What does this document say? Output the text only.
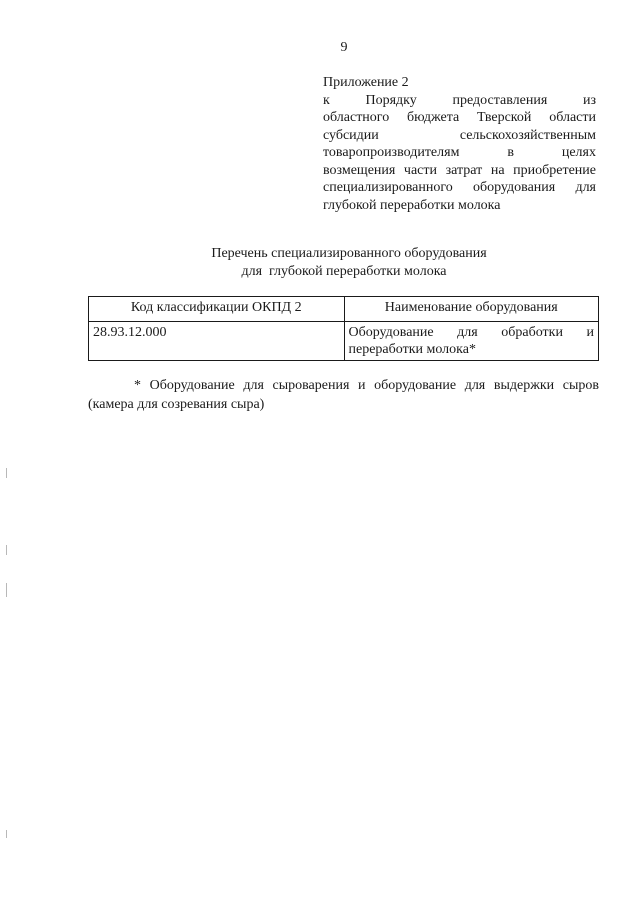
9
Приложение 2
к Порядку предоставления из
областного бюджета Тверской области
субсидии сельскохозяйственным
товаропроизводителям в целях
возмещения части затрат на приобретение
специализированного оборудования для
глубокой переработки молока
Перечень специализированного оборудования
для  глубокой переработки молока
Код классификации ОКПД 2	Наименование оборудования
28.93.12.000	Оборудование для обработки и переработки молока*
* Оборудование для сыроварения и оборудование для выдержки сыров (камера для созревания сыра)
